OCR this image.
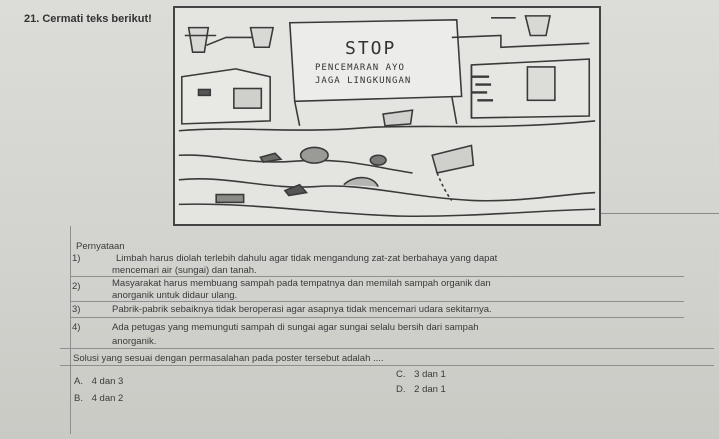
21. Cermati teks berikut!
STOP
PENCEMARAN AYO
JAGA LINGKUNGAN
Pernyataan
1)	Limbah harus diolah terlebih dahulu agar tidak mengandung zat-zat berbahaya yang dapat
mencemari air (sungai) dan tanah.
2)	Masyarakat harus membuang sampah pada tempatnya dan memilah sampah organik dan
anorganik untuk didaur ulang.
3)	Pabrik-pabrik sebaiknya tidak beroperasi agar asapnya tidak mencemari udara sekitarnya.
4)	Ada petugas yang memunguti sampah di sungai agar sungai selalu bersih dari sampah
anorganik.
Solusi yang sesuai dengan permasalahan pada poster tersebut adalah ....
A. 4 dan 3
B. 4 dan 2
C. 3 dan 1
D. 2 dan 1
